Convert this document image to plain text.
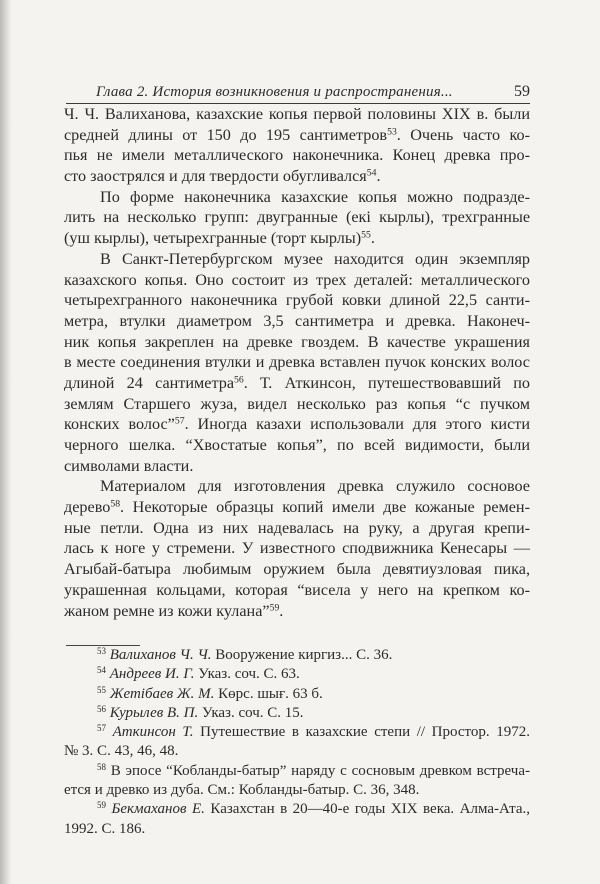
Глава 2. История возникновения и распространения...	59
Ч. Ч. Валиханова, казахские копья первой половины XIX в. были
средней длины от 150 до 195 сантиметров$^{53}$. Очень часто ко-
пья не имели металлического наконечника. Конец древка про-
сто заострялся и для твердости обугливался$^{54}$.
По форме наконечника казахские копья можно подразде-
лить на несколько групп: двугранные (екі кырлы), трехгранные
(уш кырлы), четырехгранные (торт кырлы)$^{55}$.
В Санкт-Петербургском музее находится один экземпляр
казахского копья. Оно состоит из трех деталей: металлического
четырехгранного наконечника грубой ковки длиной 22,5 санти-
метра, втулки диаметром 3,5 сантиметра и древка. Наконеч-
ник копья закреплен на древке гвоздем. В качестве украшения
в месте соединения втулки и древка вставлен пучок конских волос
длиной 24 сантиметра$^{56}$. Т. Аткинсон, путешествовавший по
землям Старшего жуза, видел несколько раз копья “с пучком
конских волос”$^{57}$. Иногда казахи использовали для этого кисти
черного шелка. “Хвостатые копья”, по всей видимости, были
символами власти.
Материалом для изготовления древка служило сосновое
дерево$^{58}$. Некоторые образцы копий имели две кожаные ремен-
ные петли. Одна из них надевалась на руку, а другая крепи-
лась к ноге у стремени. У известного сподвижника Кенесары —
Агыбай-батыра любимым оружием была девятиузловая пика,
украшенная кольцами, которая “висела у него на крепком ко-
жаном ремне из кожи кулана”$^{59}$.
$^{53}$ Валиханов Ч. Ч. Вооружение киргиз... С. 36.
$^{54}$ Андреев И. Г. Указ. соч. С. 63.
$^{55}$ Жетібаев Ж. М. Көрс. шығ. 63 б.
$^{56}$ Курылев В. П. Указ. соч. С. 15.
$^{57}$ Аткинсон Т. Путешествие в казахские степи // Простор. 1972.
№ 3. С. 43, 46, 48.
$^{58}$ В эпосе “Кобланды-батыр” наряду с сосновым древком встреча-
ется и древко из дуба. См.: Кобланды-батыр. С. 36, 348.
$^{59}$ Бекмаханов Е. Казахстан в 20—40-е годы XIX века. Алма-Ата.,
1992. С. 186.
